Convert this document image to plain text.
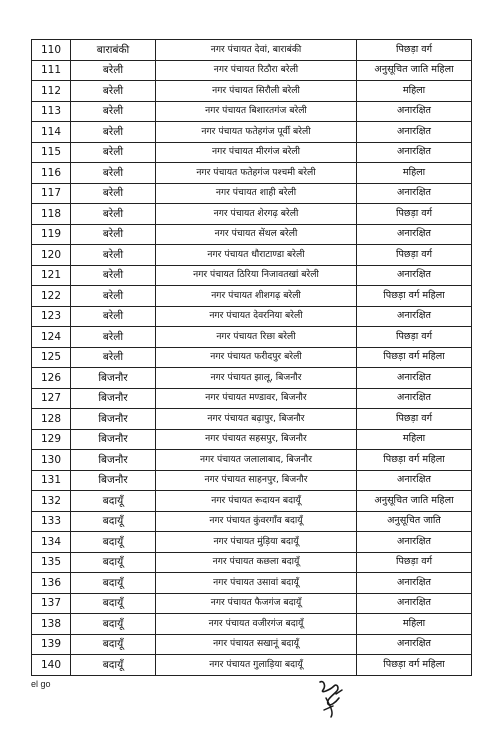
110	बाराबंकी	नगर पंचायत देवां, बाराबंकी	पिछड़ा वर्ग
111	बरेली	नगर पंचायत रिठौरा बरेली	अनुसूचित जाति महिला
112	बरेली	नगर पंचायत सिरौली बरेली	महिला
113	बरेली	नगर पंचायत बिशारतगंज बरेली	अनारक्षित
114	बरेली	नगर पंचायत फतेहगंज पूर्वी बरेली	अनारक्षित
115	बरेली	नगर पंचायत मीरगंज बरेली	अनारक्षित
116	बरेली	नगर पंचायत फतेहगंज पश्चमी बरेली	महिला
117	बरेली	नगर पंचायत शाही बरेली	अनारक्षित
118	बरेली	नगर पंचायत शेरगढ़ बरेली	पिछड़ा वर्ग
119	बरेली	नगर पंचायत सेंथल बरेली	अनारक्षित
120	बरेली	नगर पंचायत धौराटाण्डा बरेली	पिछड़ा वर्ग
121	बरेली	नगर पंचायत ठिरिया निजावतखां बरेली	अनारक्षित
122	बरेली	नगर पंचायत शीशगढ़ बरेली	पिछड़ा वर्ग महिला
123	बरेली	नगर पंचायत देवरनिया बरेली	अनारक्षित
124	बरेली	नगर पंचायत रिछा बरेली	पिछड़ा वर्ग
125	बरेली	नगर पंचायत फरीदपुर बरेली	पिछड़ा वर्ग महिला
126	बिजनौर	नगर पंचायत झालू, बिजनौर	अनारक्षित
127	बिजनौर	नगर पंचायत मण्डावर, बिजनौर	अनारक्षित
128	बिजनौर	नगर पंचायत बढ़ापुर, बिजनौर	पिछड़ा वर्ग
129	बिजनौर	नगर पंचायत सहसपुर, बिजनौर	महिला
130	बिजनौर	नगर पंचायत जलालाबाद, बिजनौर	पिछड़ा वर्ग महिला
131	बिजनौर	नगर पंचायत साहनपुर, बिजनौर	अनारक्षित
132	बदायूँ	नगर पंचायत रूदायन बदायूँ	अनुसूचित जाति महिला
133	बदायूँ	नगर पंचायत कुंवरगाँव बदायूँ	अनुसूचित जाति
134	बदायूँ	नगर पंचायत मुंड़िया बदायूँ	अनारक्षित
135	बदायूँ	नगर पंचायत कछला बदायूँ	पिछड़ा वर्ग
136	बदायूँ	नगर पंचायत उसावां बदायूँ	अनारक्षित
137	बदायूँ	नगर पंचायत फैजगंज बदायूँ	अनारक्षित
138	बदायूँ	नगर पंचायत वजीरगंज बदायूँ	महिला
139	बदायूँ	नगर पंचायत सखानूं बदायूँ	अनारक्षित
140	बदायूँ	नगर पंचायत गुलाड़िया बदायूँ	पिछड़ा वर्ग महिला
el go
